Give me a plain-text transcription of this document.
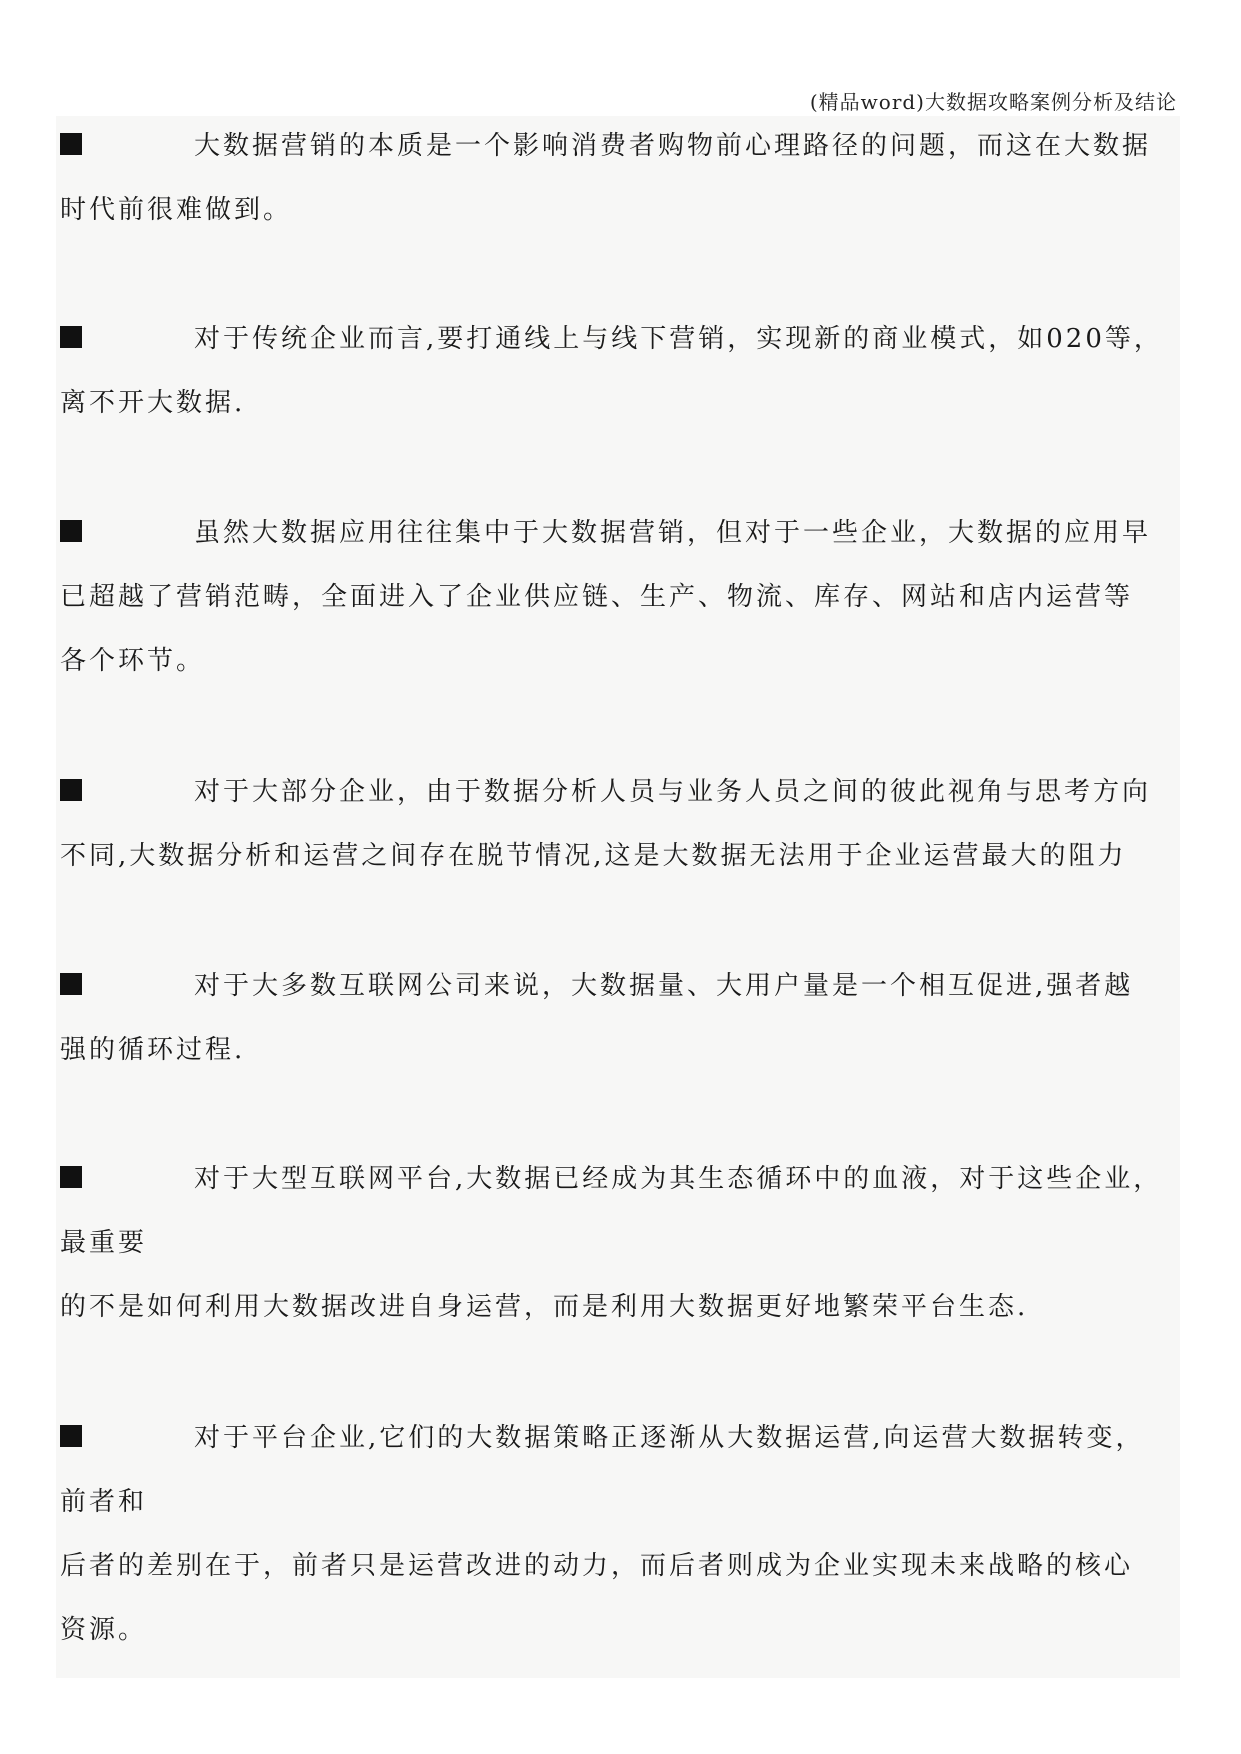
(精品word)大数据攻略案例分析及结论
大数据营销的本质是一个影响消费者购物前心理路径的问题，而这在大数据
时代前很难做到。
对于传统企业而言,要打通线上与线下营销，实现新的商业模式，如020等，
离不开大数据.
虽然大数据应用往往集中于大数据营销，但对于一些企业，大数据的应用早
已超越了营销范畴，全面进入了企业供应链、生产、物流、库存、网站和店内运营等
各个环节。
对于大部分企业，由于数据分析人员与业务人员之间的彼此视角与思考方向
不同,大数据分析和运营之间存在脱节情况,这是大数据无法用于企业运营最大的阻力
对于大多数互联网公司来说，大数据量、大用户量是一个相互促进,强者越
强的循环过程.
对于大型互联网平台,大数据已经成为其生态循环中的血液，对于这些企业，
最重要
的不是如何利用大数据改进自身运营，而是利用大数据更好地繁荣平台生态.
对于平台企业,它们的大数据策略正逐渐从大数据运营,向运营大数据转变，
前者和
后者的差别在于，前者只是运营改进的动力，而后者则成为企业实现未来战略的核心
资源。
